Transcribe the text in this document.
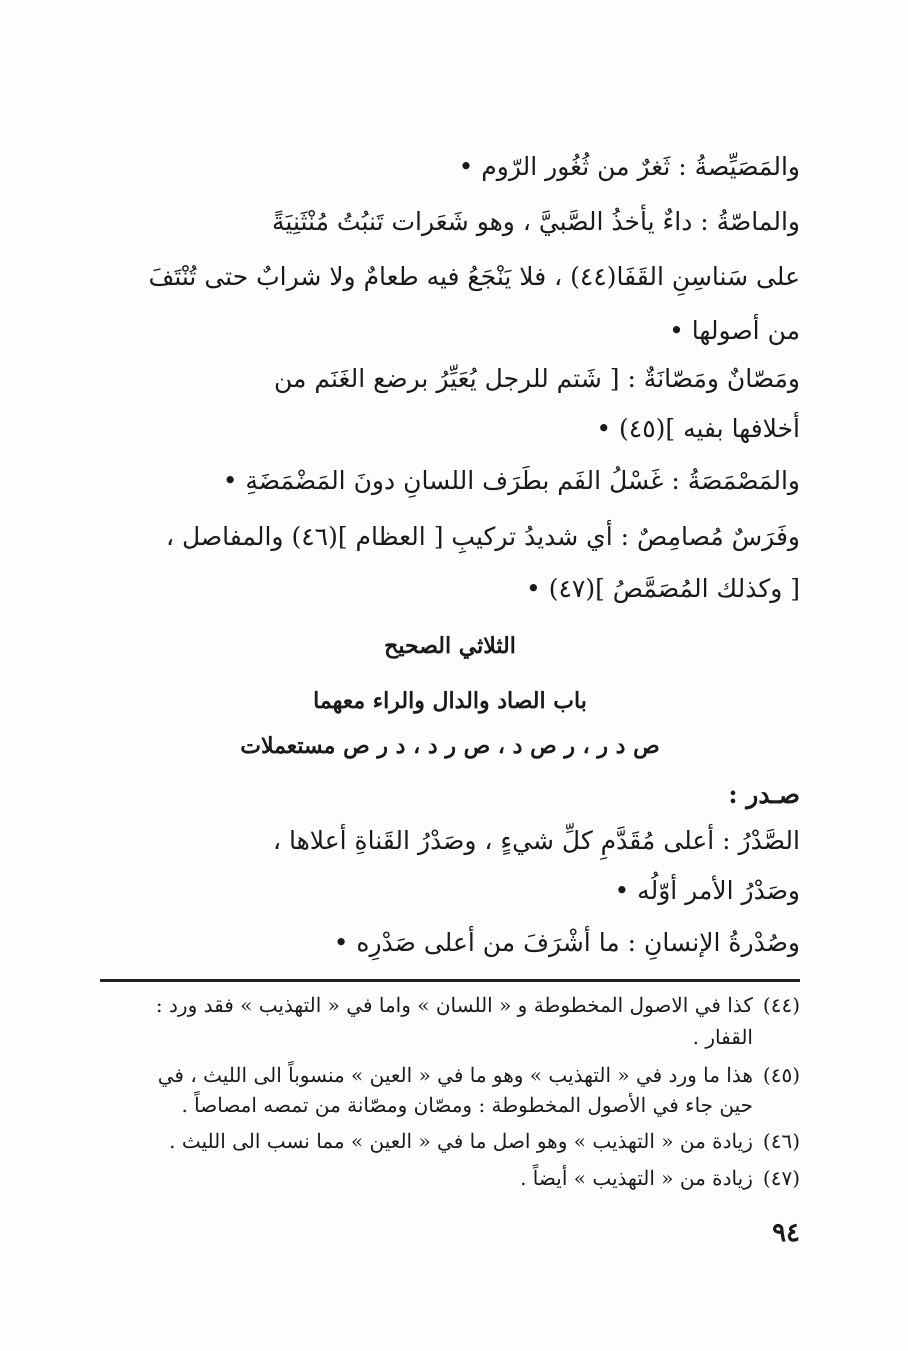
والمَصَيِّصةُ : ثَغرٌ من ثُغُور الرّوم •
والماصّةُ : داءٌ يأخذُ الصَّبيَّ ، وهو شَعَرات تَنبُتُ مُنْثَنِيَةً
على سَناسِنِ القَفَا(٤٤) ، فلا يَنْجَعُ فيه طعامٌ ولا شرابٌ حتى تُنْتَفَ
من أصولها •
ومَصّانٌ ومَصّانَةٌ : [ شَتم للرجل يُعَيِّرُ برضع الغَنَم من
أخلافها بفيه ](٤٥) •
والمَصْمَصَةُ : غَسْلُ الفَم بطَرَف اللسانِ دونَ المَضْمَضَةِ •
وفَرَسٌ مُصامِصٌ : أي شديدُ تركيبِ [ العظام ](٤٦) والمفاصل ،
[ وكذلك المُصَمَّصُ ](٤٧) •
الثلاثي الصحيح
باب الصاد والدال والراء معهما
ص د ر ، ر ص د ، ص ر د ، د ر ص مستعملات
صـدر :
الصَّدْرُ : أعلى مُقَدَّمِ كلِّ شيءٍ ، وصَدْرُ القَناةِ أعلاها ،
وصَدْرُ الأمر أوّلُه •
وصُدْرةُ الإنسانِ : ما أشْرَفَ من أعلى صَدْرِه •
(٤٤)كذا في الاصول المخطوطة و « اللسان » واما في « التهذيب » فقد ورد :
القفار .
(٤٥)هذا ما ورد في « التهذيب » وهو ما في « العين » منسوباً الى الليث ، في
حين جاء في الأصول المخطوطة : ومصّان ومصّانة من تمصه امصاصاً .
(٤٦)زيادة من « التهذيب » وهو اصل ما في « العين » مما نسب الى الليث .
(٤٧)زيادة من « التهذيب » أيضاً .
٩٤
